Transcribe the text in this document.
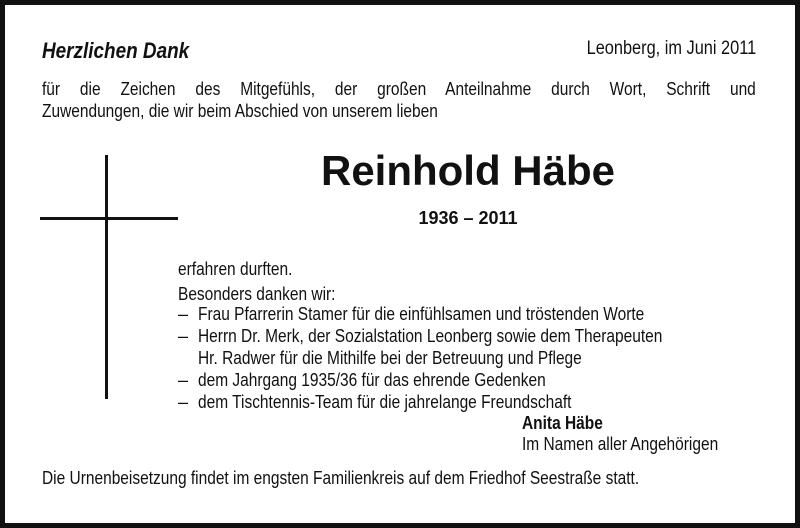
Herzlichen Dank	Leonberg, im Juni 2011
für die Zeichen des Mitgefühls, der großen Anteilnahme durch Wort, Schrift und
Zuwendungen, die wir beim Abschied von unserem lieben
Reinhold Häbe
1936 – 2011
erfahren durften.
Besonders danken wir:
– Frau Pfarrerin Stamer für die einfühlsamen und tröstenden Worte
– Herrn Dr. Merk, der Sozialstation Leonberg sowie dem Therapeuten
Hr. Radwer für die Mithilfe bei der Betreuung und Pflege
– dem Jahrgang 1935/36 für das ehrende Gedenken
– dem Tischtennis-Team für die jahrelange Freundschaft
Anita Häbe
Im Namen aller Angehörigen
Die Urnenbeisetzung findet im engsten Familienkreis auf dem Friedhof Seestraße statt.
